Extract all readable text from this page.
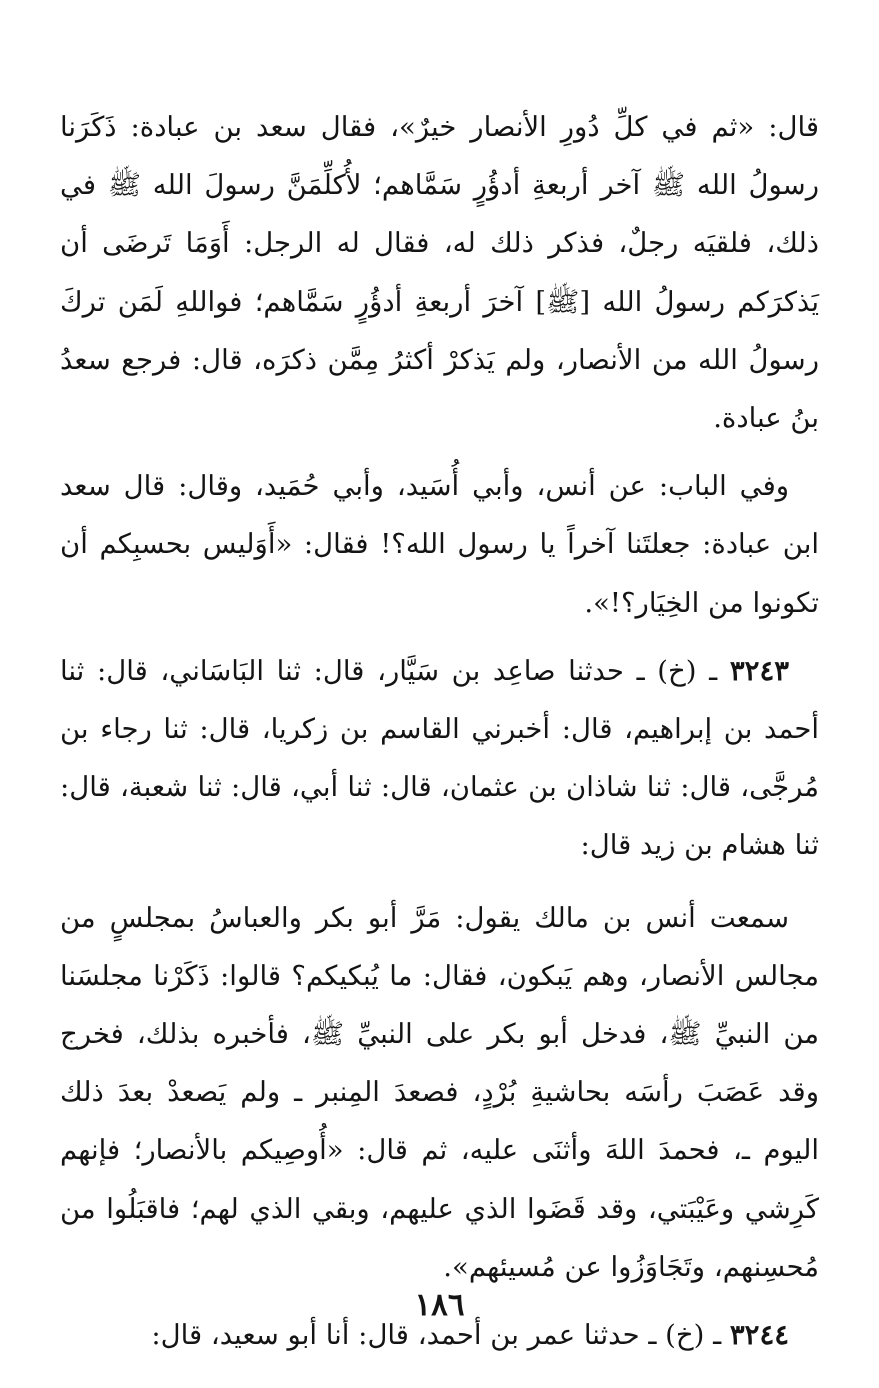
قال: «ثم في كلِّ دُورِ الأنصار خيرٌ»، فقال سعد بن عبادة: ذَكَرَنا رسولُ الله ﷺ آخر أربعةِ أدؤُرٍ سَمَّاهم؛ لأُكلِّمَنَّ رسولَ الله ﷺ في ذلك، فلقيَه رجلٌ، فذكر ذلك له، فقال له الرجل: أَوَمَا تَرضَى أن يَذكرَكم رسولُ الله [ﷺ] آخرَ أربعةِ أدؤُرٍ سَمَّاهم؛ فواللهِ لَمَن تركَ رسولُ الله من الأنصار، ولم يَذكرْ أكثرُ مِمَّن ذكرَه، قال: فرجع سعدُ بنُ عبادة.

وفي الباب: عن أنس، وأبي أُسَيد، وأبي حُمَيد، وقال: قال سعد ابن عبادة: جعلتَنا آخراً يا رسول الله؟! فقال: «أَوَليس بحسبِكم أن تكونوا من الخِيَار؟!».

٣٢٤٣ ـ (خ) ـ حدثنا صاعِد بن سَيَّار، قال: ثنا البَاسَاني، قال: ثنا أحمد بن إبراهيم، قال: أخبرني القاسم بن زكريا، قال: ثنا رجاء بن مُرجَّى، قال: ثنا شاذان بن عثمان، قال: ثنا أبي، قال: ثنا شعبة، قال: ثنا هشام بن زيد قال:

سمعت أنس بن مالك يقول: مَرَّ أبو بكر والعباسُ بمجلسٍ من مجالس الأنصار، وهم يَبكون، فقال: ما يُبكيكم؟ قالوا: ذَكَرْنا مجلسَنا من النبيِّ ﷺ، فدخل أبو بكر على النبيِّ ﷺ، فأخبره بذلك، فخرج وقد عَصَبَ رأسَه بحاشيةِ بُرْدٍ، فصعدَ المِنبر ـ ولم يَصعدْ بعدَ ذلك اليوم ـ، فحمدَ اللهَ وأثنَى عليه، ثم قال: «أُوصِيكم بالأنصار؛ فإنهم كَرِشي وعَيْبَتي، وقد قَضَوا الذي عليهم، وبقي الذي لهم؛ فاقبَلُوا من مُحسِنهم، وتَجَاوَزُوا عن مُسيئهم».

٣٢٤٤ ـ (خ) ـ حدثنا عمر بن أحمد، قال: أنا أبو سعيد، قال:

١٨٦
